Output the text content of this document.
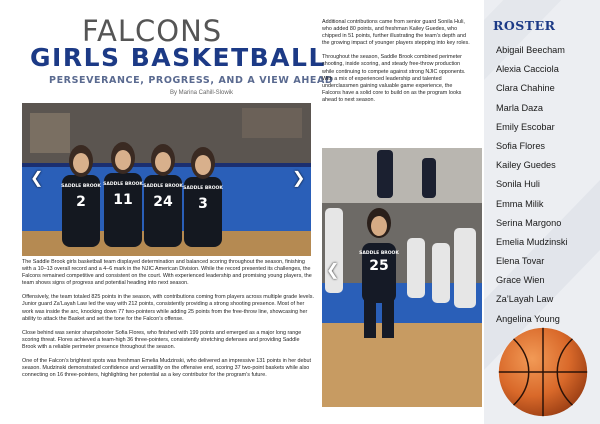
FALCONS
GIRLS BASKETBALL
PERSEVERANCE, PROGRESS, AND A VIEW AHEAD
By Marina Cahill-Slowik
SADDLE BROOK SADDLE BROOK SADDLE BROOK SADDLE BROOK
2 11 24 3
❮	❯
SADDLE BROOK
25
❮

The Saddle Brook girls basketball team displayed determination and balanced scoring throughout the season, finishing with a 10–13 overall record and a 4–6 mark in the NJIC American Division. While the record presented its challenges, the Falcons remained competitive and consistent on the court. With experienced leadership and promising young players, the team shows signs of progress and potential heading into next season.

Offensively, the team totaled 825 points in the season, with contributions coming from players across multiple grade levels. Junior guard Za’Layah Law led the way with 212 points, consistently providing a strong shooting presence. Most of her work was inside the arc, knocking down 77 two-pointers while adding 25 points from the free-throw line, showcasing her ability to attack the Basket and set the tone for the Falcon’s offense.

Close behind was senior sharpshooter Sofia Flores, who finished with 199 points and emerged as a major long range scoring threat. Flores achieved a team-high 36 three-pointers, consistently stretching defenses and providing Saddle Brook with a reliable perimeter presence throughout the season.

One of the Falcon’s brightest spots was freshman Emelia Mudzinski, who delivered an impressive 131 points in her debut season. Mudzinski demonstrated confidence and versatility on the offensive end, scoring 37 two-point baskets while also connecting on 16 three-pointers, highlighting her potential as a key contributor for the program’s future.

Additional contributions came from senior guard Sonila Huli, who added 80 points, and freshman Kailey Guedes, who chipped in 51 points, further illustrating the team’s depth and the growing impact of younger players stepping into key roles.

Throughout the season, Saddle Brook combined perimeter shooting, inside scoring, and steady free-throw production while continuing to compete against strong NJIC opponents. With a mix of experienced leadership and talented underclassmen gaining valuable game experience, the Falcons have a solid core to build on as the program looks ahead to next season.

ROSTER
Abigail Beecham
Alexia Cacciola
Clara Chahine
Marla Daza
Emily Escobar
Sofia Flores
Kailey Guedes
Sonila Huli
Emma Milik
Serina Margono
Emelia Mudzinski
Elena Tovar
Grace Wien
Za’Layah Law
Angelina Young
